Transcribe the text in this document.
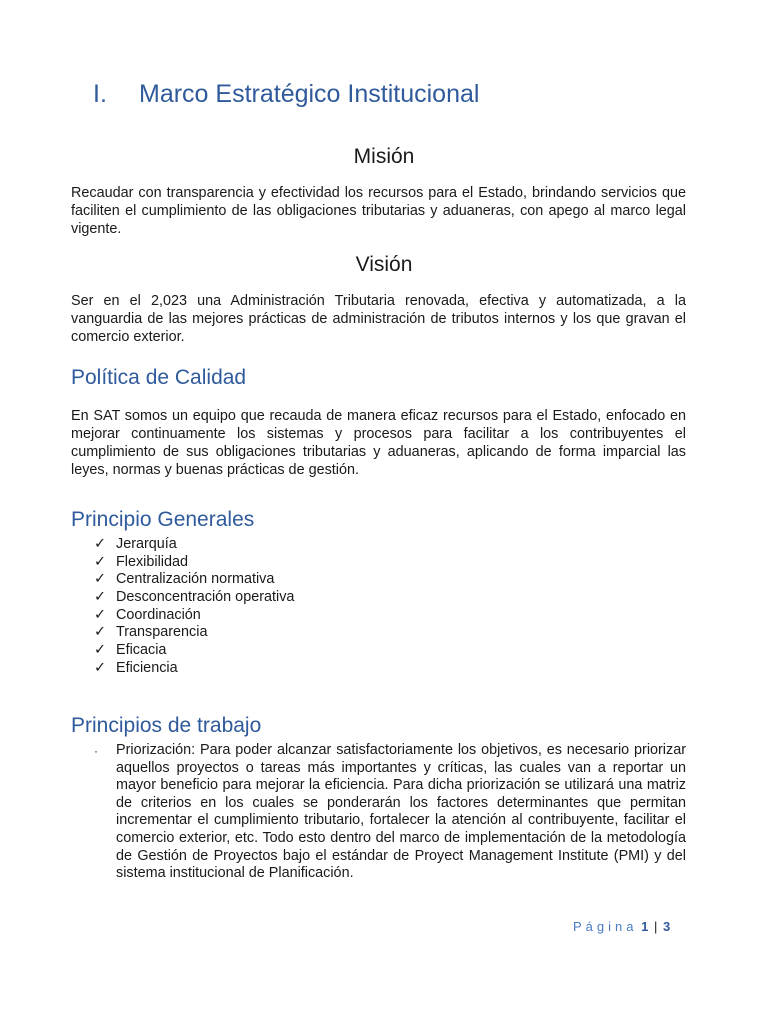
I. Marco Estratégico Institucional
Misión

Recaudar con transparencia y efectividad los recursos para el Estado, brindando servicios que faciliten el cumplimiento de las obligaciones tributarias y aduaneras, con apego al marco legal vigente.

Visión

Ser en el 2,023 una Administración Tributaria renovada, efectiva y automatizada, a la vanguardia de las mejores prácticas de administración de tributos internos y los que gravan el comercio exterior.

Política de Calidad

En SAT somos un equipo que recauda de manera eficaz recursos para el Estado, enfocado en mejorar continuamente los sistemas y procesos para facilitar a los contribuyentes el cumplimiento de sus obligaciones tributarias y aduaneras, aplicando de forma imparcial las leyes, normas y buenas prácticas de gestión.

Principio Generales
✓ Jerarquía
✓ Flexibilidad
✓ Centralización normativa
✓ Desconcentración operativa
✓ Coordinación
✓ Transparencia
✓ Eficacia
✓ Eficiencia
Principios de trabajo
· Priorización: Para poder alcanzar satisfactoriamente los objetivos, es necesario priorizar aquellos proyectos o tareas más importantes y críticas, las cuales van a reportar un mayor beneficio para mejorar la eficiencia. Para dicha priorización se utilizará una matriz de criterios en los cuales se ponderarán los factores determinantes que permitan incrementar el cumplimiento tributario, fortalecer la atención al contribuyente, facilitar el comercio exterior, etc. Todo esto dentro del marco de implementación de la metodología de Gestión de Proyectos bajo el estándar de Proyect Management Institute (PMI) y del sistema institucional de Planificación.

Página 1 | 3
